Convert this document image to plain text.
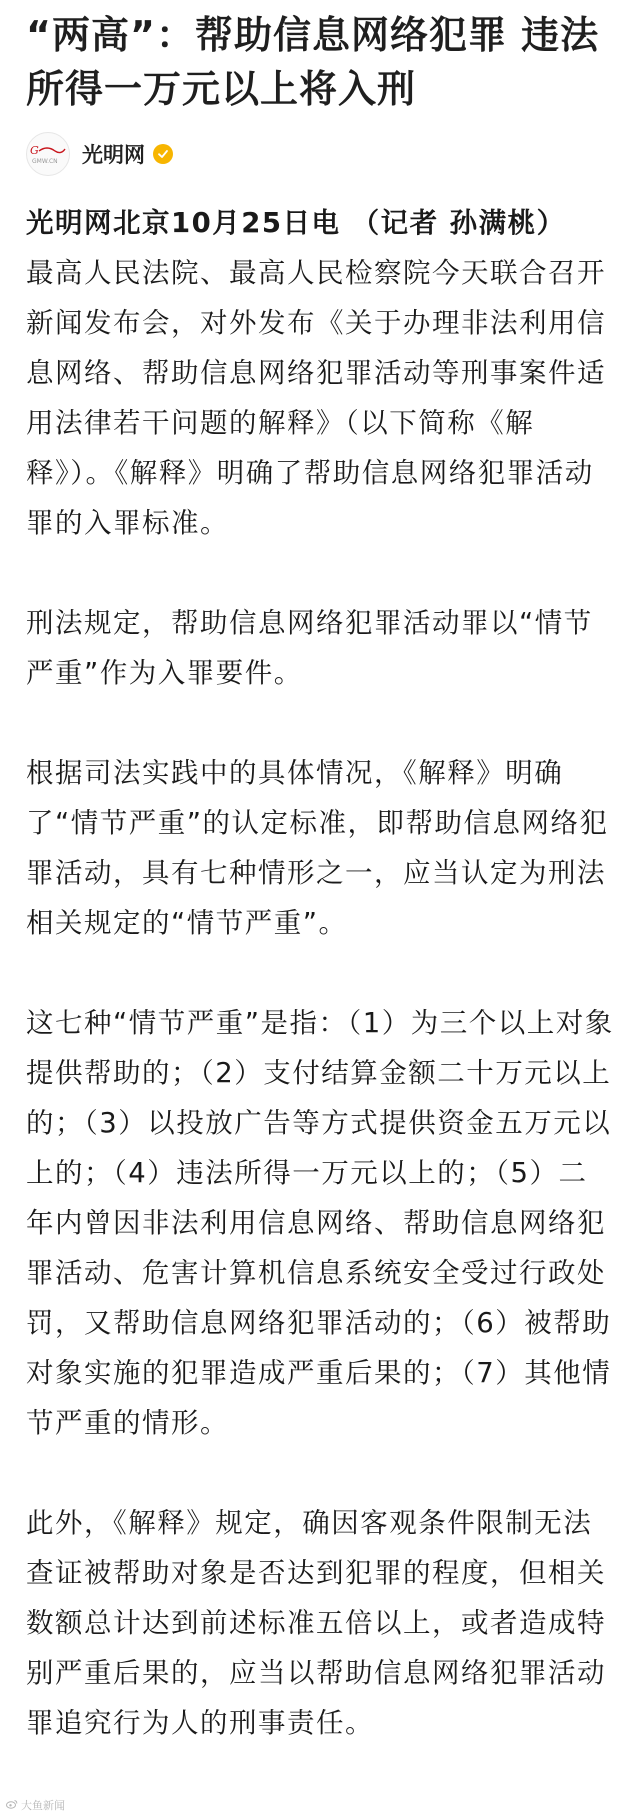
“两高”：帮助信息网络犯罪 违法所得一万元以上将入刑
G
GMW.CN 光明网

光明网北京10月25日电 （记者 孙满桃）
最高人民法院、最高人民检察院今天联合召开新闻发布会，对外发布《关于办理非法利用信息网络、帮助信息网络犯罪活动等刑事案件适用法律若干问题的解释》（以下简称《解释》）。《解释》明确了帮助信息网络犯罪活动罪的入罪标准。

刑法规定，帮助信息网络犯罪活动罪以“情节严重”作为入罪要件。

根据司法实践中的具体情况，《解释》明确了“情节严重”的认定标准，即帮助信息网络犯罪活动，具有七种情形之一，应当认定为刑法相关规定的“情节严重”。

这七种“情节严重”是指：（1）为三个以上对象提供帮助的；（2）支付结算金额二十万元以上的；（3）以投放广告等方式提供资金五万元以上的；（4）违法所得一万元以上的；（5）二年内曾因非法利用信息网络、帮助信息网络犯罪活动、危害计算机信息系统安全受过行政处罚，又帮助信息网络犯罪活动的；（6）被帮助对象实施的犯罪造成严重后果的；（7）其他情节严重的情形。

此外，《解释》规定，确因客观条件限制无法查证被帮助对象是否达到犯罪的程度，但相关数额总计达到前述标准五倍以上，或者造成特别严重后果的，应当以帮助信息网络犯罪活动罪追究行为人的刑事责任。

大鱼新闻
